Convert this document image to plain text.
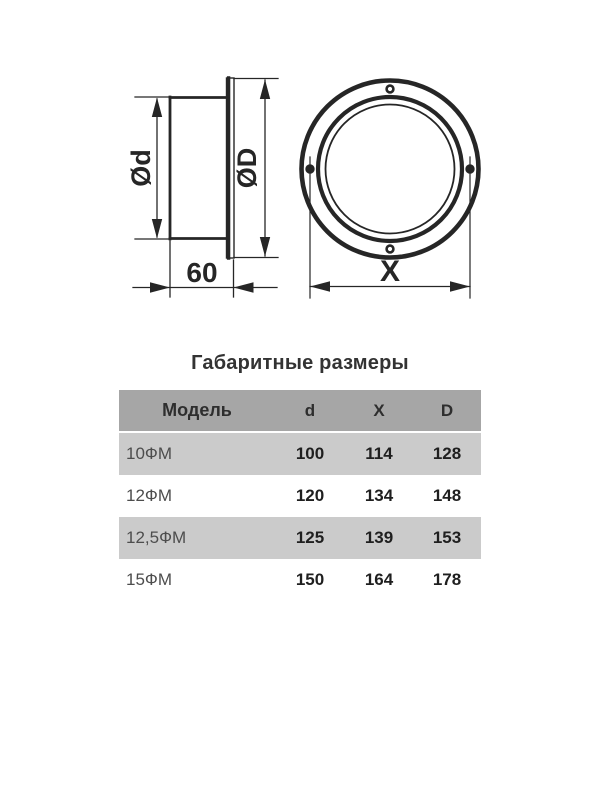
Ød	ØD
60	X
Габаритные размеры
Модель	d	X	D
10ФМ	100	114	128
12ФМ	120	134	148
12,5ФМ	125	139	153
15ФМ	150	164	178
